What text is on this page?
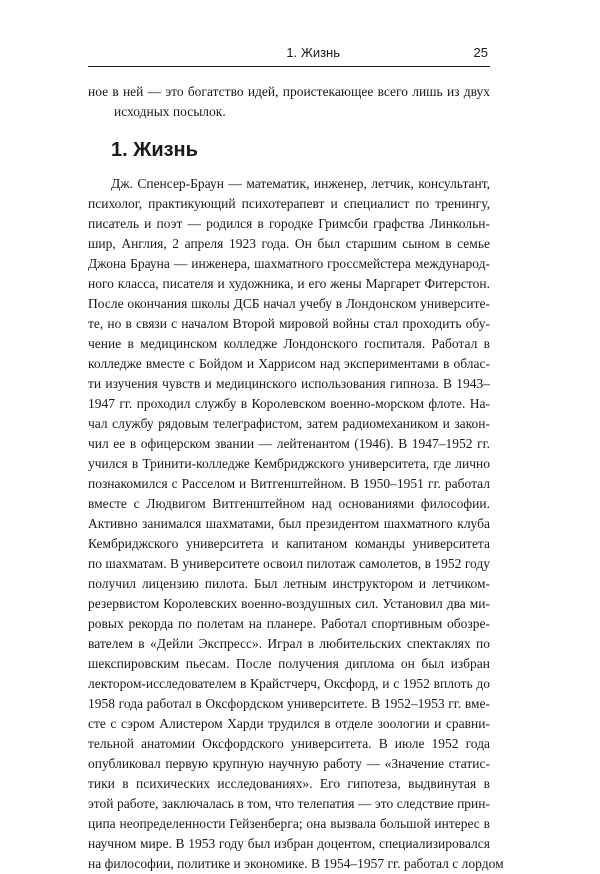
1. Жизнь	25
ное в ней — это богатство идей, проистекающее всего лишь из двух
исходных посылок.
1. Жизнь
Дж. Спенсер-Браун — математик, инженер, летчик, консультант,
психолог, практикующий психотерапевт и специалист по тренингу,
писатель и поэт — родился в городке Гримсби графства Линкольн-
шир, Англия, 2 апреля 1923 года. Он был старшим сыном в семье
Джона Брауна — инженера, шахматного гроссмейстера международ-
ного класса, писателя и художника, и его жены Маргарет Фитерстон.
После окончания школы ДСБ начал учебу в Лондонском университе-
те, но в связи с началом Второй мировой войны стал проходить обу-
чение в медицинском колледже Лондонского госпиталя. Работал в
колледже вместе с Бойдом и Харрисом над экспериментами в облас-
ти изучения чувств и медицинского использования гипноза. В 1943–
1947 гг. проходил службу в Королевском военно-морском флоте. На-
чал службу рядовым телеграфистом, затем радиомехаником и закон-
чил ее в офицерском звании — лейтенантом (1946). В 1947–1952 гг.
учился в Тринити-колледже Кембриджского университета, где лично
познакомился с Расселом и Витгенштейном. В 1950–1951 гг. работал
вместе с Людвигом Витгенштейном над основаниями философии.
Активно занимался шахматами, был президентом шахматного клуба
Кембриджского университета и капитаном команды университета
по шахматам. В университете освоил пилотаж самолетов, в 1952 году
получил лицензию пилота. Был летным инструктором и летчиком-
резервистом Королевских военно-воздушных сил. Установил два ми-
ровых рекорда по полетам на планере. Работал спортивным обозре-
вателем в «Дейли Экспресс». Играл в любительских спектаклях по
шекспировским пьесам. После получения диплома он был избран
лектором-исследователем в Крайстчерч, Оксфорд, и с 1952 вплоть до
1958 года работал в Оксфордском университете. В 1952–1953 гг. вме-
сте с сэром Алистером Харди трудился в отделе зоологии и сравни-
тельной анатомии Оксфордского университета. В июле 1952 года
опубликовал первую крупную научную работу — «Значение статис-
тики в психических исследованиях». Его гипотеза, выдвинутая в
этой работе, заключалась в том, что телепатия — это следствие прин-
ципа неопределенности Гейзенберга; она вызвала большой интерес в
научном мире. В 1953 году был избран доцентом, специализировался
на философии, политике и экономике. В 1954–1957 гг. работал с лордом
